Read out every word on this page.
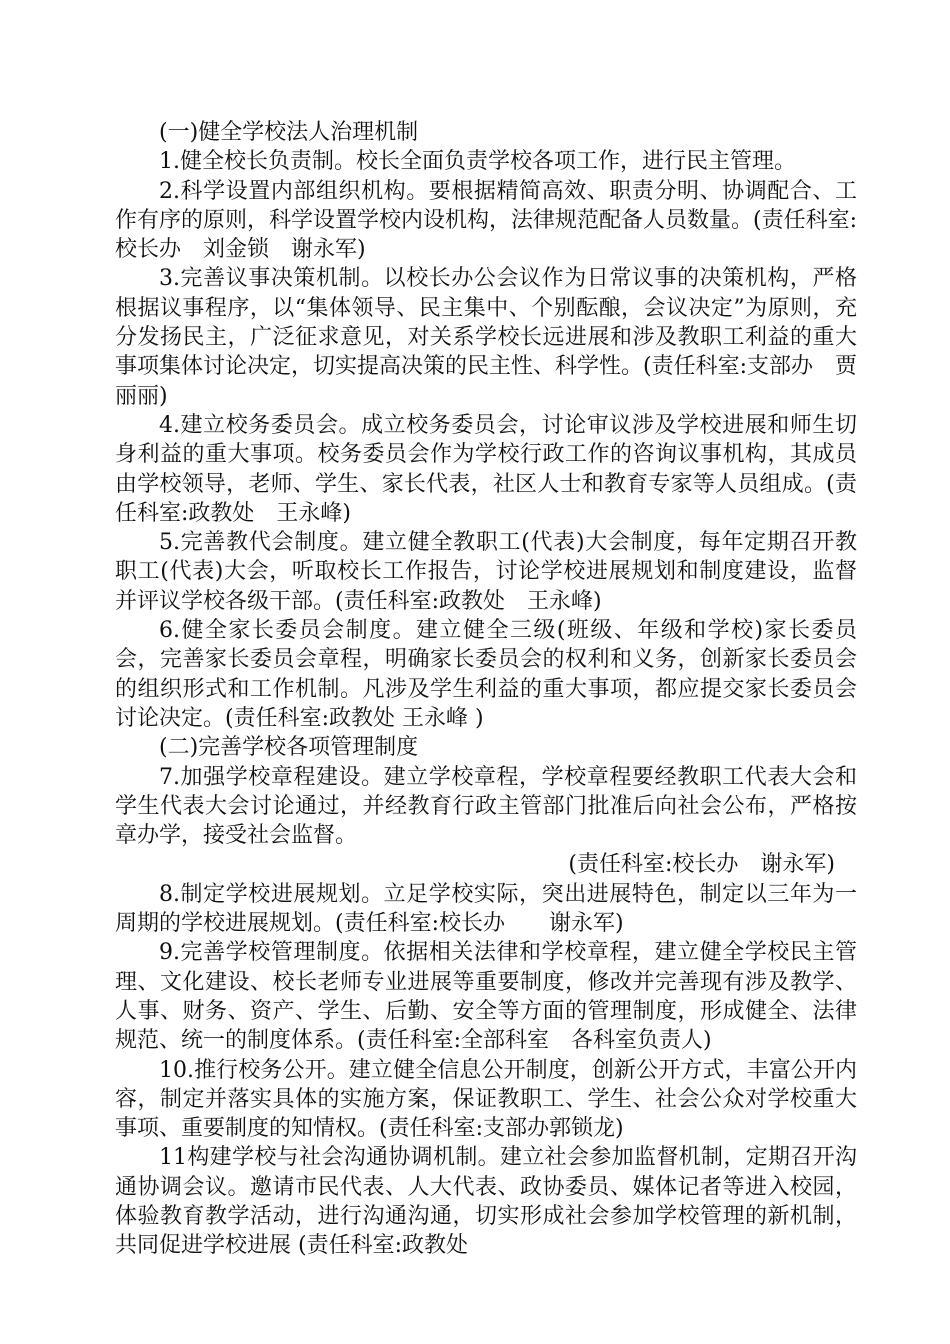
(一)健全学校法人治理机制

1.健全校长负责制。校长全面负责学校各项工作，进行民主管理。

2.科学设置内部组织机构。要根据精简高效、职责分明、协调配合、工作有序的原则，科学设置学校内设机构，法律规范配备人员数量。(责任科室:校长办　刘金锁　谢永军)

3.完善议事决策机制。以校长办公会议作为日常议事的决策机构，严格根据议事程序，以“集体领导、民主集中、个别酝酿，会议决定”为原则，充分发扬民主，广泛征求意见，对关系学校长远进展和涉及教职工利益的重大事项集体讨论决定，切实提高决策的民主性、科学性。(责任科室:支部办　贾丽丽)

4.建立校务委员会。成立校务委员会，讨论审议涉及学校进展和师生切身利益的重大事项。校务委员会作为学校行政工作的咨询议事机构，其成员由学校领导，老师、学生、家长代表，社区人士和教育专家等人员组成。(责任科室:政教处　王永峰)

5.完善教代会制度。建立健全教职工(代表)大会制度，每年定期召开教职工(代表)大会，听取校长工作报告，讨论学校进展规划和制度建设，监督并评议学校各级干部。(责任科室:政教处　王永峰)

6.健全家长委员会制度。建立健全三级(班级、年级和学校)家长委员会，完善家长委员会章程，明确家长委员会的权利和义务，创新家长委员会的组织形式和工作机制。凡涉及学生利益的重大事项，都应提交家长委员会讨论决定。(责任科室:政教处 王永峰 )

(二)完善学校各项管理制度

7.加强学校章程建设。建立学校章程，学校章程要经教职工代表大会和学生代表大会讨论通过，并经教育行政主管部门批准后向社会公布，严格按章办学，接受社会监督。

(责任科室:校长办　谢永军)

8.制定学校进展规划。立足学校实际，突出进展特色，制定以三年为一周期的学校进展规划。(责任科室:校长办　　谢永军)

9.完善学校管理制度。依据相关法律和学校章程，建立健全学校民主管理、文化建设、校长老师专业进展等重要制度，修改并完善现有涉及教学、人事、财务、资产、学生、后勤、安全等方面的管理制度，形成健全、法律规范、统一的制度体系。(责任科室:全部科室　各科室负责人)

10.推行校务公开。建立健全信息公开制度，创新公开方式，丰富公开内容，制定并落实具体的实施方案，保证教职工、学生、社会公众对学校重大事项、重要制度的知情权。(责任科室:支部办郭锁龙)

11构建学校与社会沟通协调机制。建立社会参加监督机制，定期召开沟通协调会议。邀请市民代表、人大代表、政协委员、媒体记者等进入校园，体验教育教学活动，进行沟通沟通，切实形成社会参加学校管理的新机制，共同促进学校进展 (责任科室:政教处
